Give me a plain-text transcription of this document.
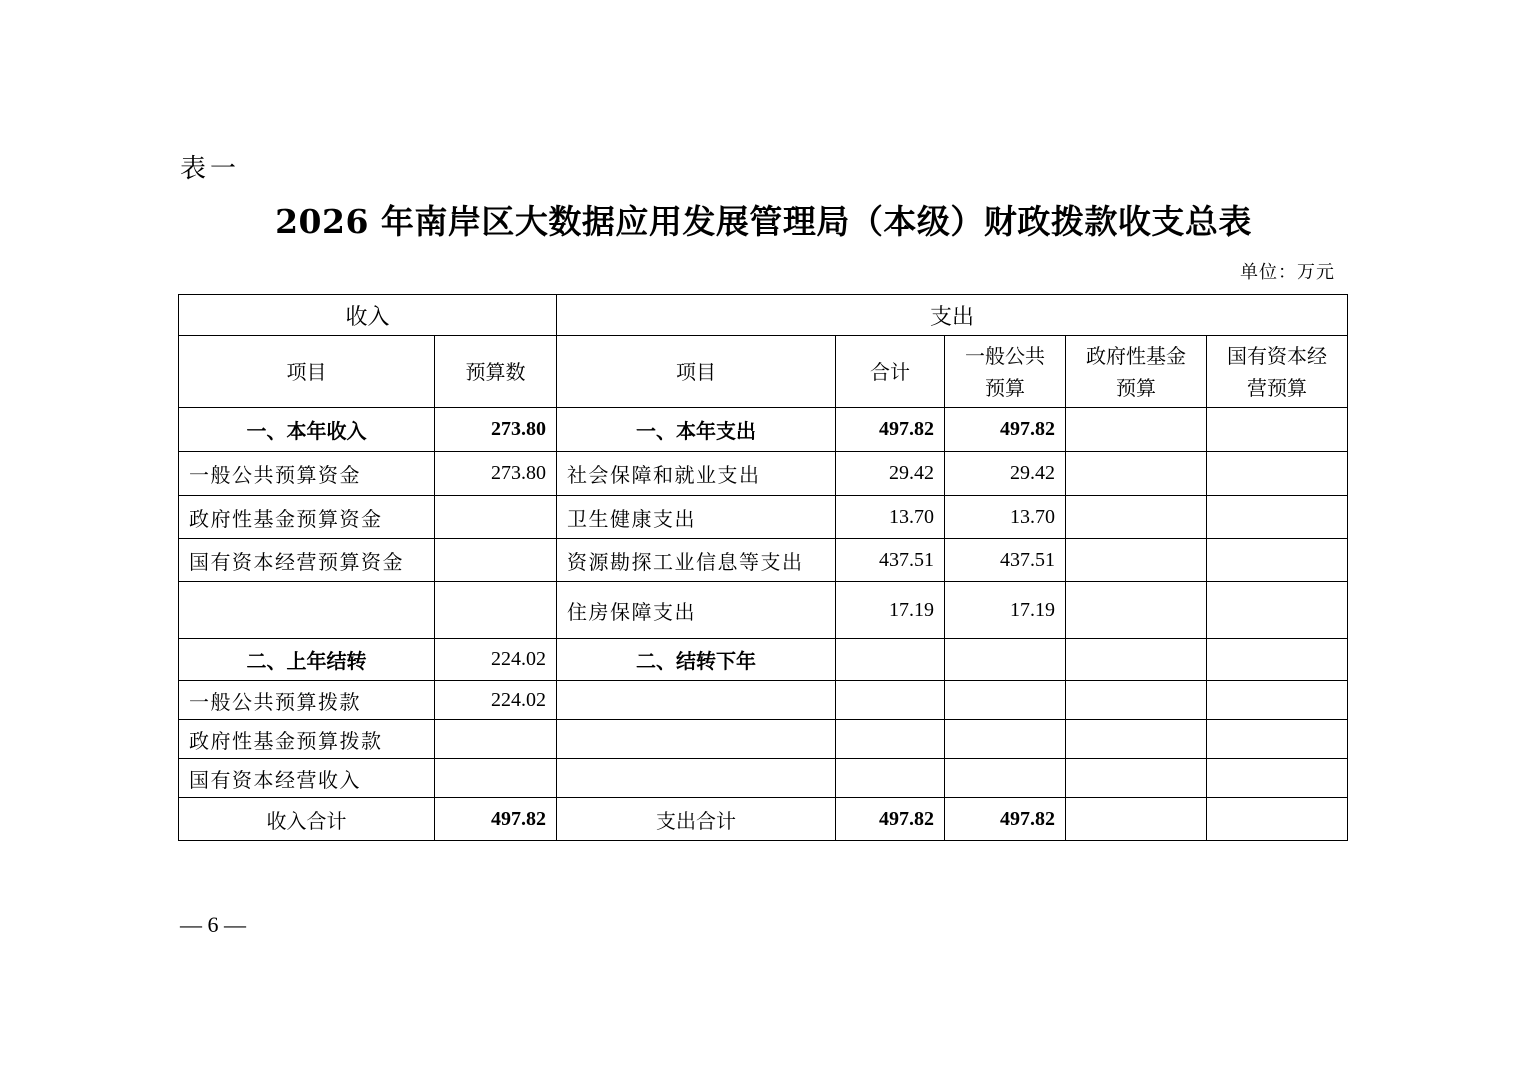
表一
2026 年南岸区大数据应用发展管理局（本级）财政拨款收支总表
单位：万元
收入		支出				
项目	预算数	项目	合计	一般公共预算	政府性基金预算	国有资本经营预算

一、本年收入	273.80	一、本年支出	497.82	497.82		
一般公共预算资金	273.80	社会保障和就业支出	29.42	29.42		
政府性基金预算资金		卫生健康支出	13.70	13.70		
国有资本经营预算资金		资源勘探工业信息等支出	437.51	437.51		
		住房保障支出	17.19	17.19		
二、上年结转	224.02	二、结转下年				
一般公共预算拨款	224.02					
政府性基金预算拨款						
国有资本经营收入						
收入合计	497.82	支出合计	497.82	497.82		
— 6 —
